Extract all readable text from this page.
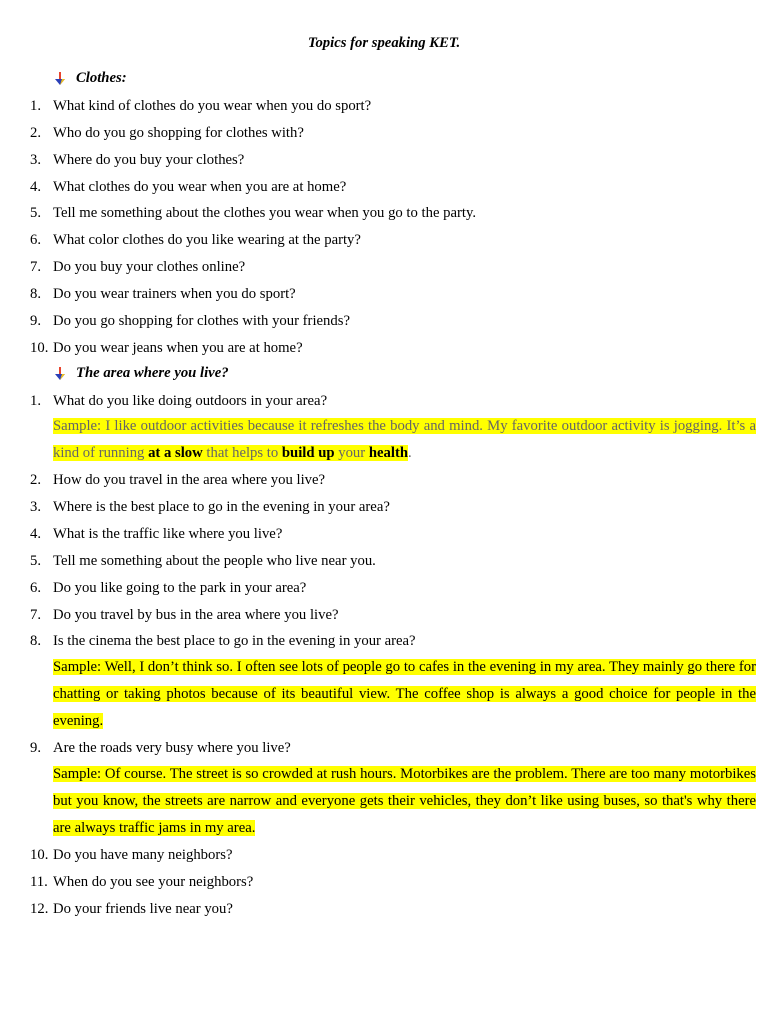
Topics for speaking KET.
Clothes:
1. What kind of clothes do you wear when you do sport?
2. Who do you go shopping for clothes with?
3. Where do you buy your clothes?
4. What clothes do you wear when you are at home?
5. Tell me something about the clothes you wear when you go to the party.
6. What color clothes do you like wearing at the party?
7. Do you buy your clothes online?
8. Do you wear trainers when you do sport?
9. Do you go shopping for clothes with your friends?
10. Do you wear jeans when you are at home?
The area where you live?
1. What do you like doing outdoors in your area?
Sample: I like outdoor activities because it refreshes the body and mind. My favorite outdoor activity is jogging. It’s a kind of running at a slow that helps to build up your health.
2. How do you travel in the area where you live?
3. Where is the best place to go in the evening in your area?
4. What is the traffic like where you live?
5. Tell me something about the people who live near you.
6. Do you like going to the park in your area?
7. Do you travel by bus in the area where you live?
8. Is the cinema the best place to go in the evening in your area?
Sample: Well, I don’t think so. I often see lots of people go to cafes in the evening in my area. They mainly go there for chatting or taking photos because of its beautiful view. The coffee shop is always a good choice for people in the evening.
9. Are the roads very busy where you live?
Sample: Of course. The street is so crowded at rush hours. Motorbikes are the problem. There are too many motorbikes but you know, the streets are narrow and everyone gets their vehicles, they don’t like using buses, so that's why there are always traffic jams in my area.
10. Do you have many neighbors?
11. When do you see your neighbors?
12. Do your friends live near you?
